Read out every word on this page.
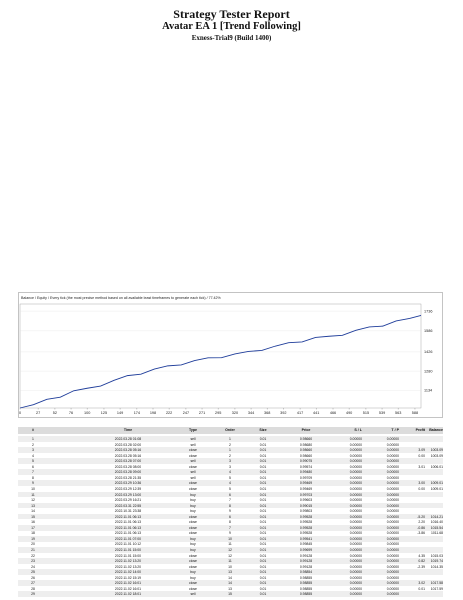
Strategy Tester Report
Avatar EA 1 [Trend Following]
Exness-Trial9 (Build 1400)
Balance / Equity / Every tick (the most precise method based on all available least timeframes to generate each tick) / 77.42%
1134
1280
1426
1586
1736
0	27	52	76	100	125	149	174	198	222	247	271	295	320	344	368	392	417	441	466	490	515	539	563	588
#	Time	Type	Order	Size	Price	S / L	T / P	Profit	Balance
1	2022.03.28 01:08	sell	1	0.01	0.98660	0.00000	0.00000
2	2022.03.28 02:00	sell	2	0.01	0.98680	0.00000	0.00000
3	2022.03.28 05:16	close	1	0.01	0.98660	0.00000	0.00000	3.09	1003.09
4	2022.03.28 05:16	close	2	0.01	0.98660	0.00000	0.00000	0.00	1003.09
5	2022.03.28 07:00	sell	3	0.01	0.99075	0.00000	0.00000
6	2022.03.28 08:00	close	3	0.01	0.99574	0.00000	0.00000	3.01	1006.01
7	2022.03.28 09:00	sell	4	0.01	0.99480	0.00000	0.00000
8	2022.03.28 21:35	sell	5	0.01	0.99709	0.00000	0.00000
9	2022.03.29 10:36	close	4	0.01	0.99469	0.00000	0.00000	3.00	1009.01
10	2022.03.29 12:39	close	5	0.01	0.99469	0.00000	0.00000	0.00	1009.01
11	2022.03.29 13:00	buy	6	0.01	0.99703	0.00000	0.00000
12	2022.03.29 16:21	buy	7	0.01	0.99603	0.00000	0.00000
13	2022.03.31 22:55	buy	8	0.01	0.99015	0.00000	0.00000
14	2022.10.31 23:38	buy	9	0.01	0.99803	0.00000	0.00000
15	2022.11.01 06:13	close	6	0.01	0.99528	0.00000	0.00000	-5.20	1014.21
16	2022.11.01 06:13	close	8	0.01	0.99528	0.00000	0.00000	2.20	1016.40
17	2022.11.01 06:13	close	7	0.01	0.99528	0.00000	0.00000	-0.86	1015.54
18	2022.11.01 06:13	close	9	0.01	0.99528	0.00000	0.00000	-3.86	1011.68
19	2022.11.01 07:00	buy	10	0.01	0.99541	0.00000	0.00000
20	2022.11.01 10:12	buy	11	0.01	0.99845	0.00000	0.00000
21	2022.11.01 15:00	buy	12	0.01	0.99699	0.00000	0.00000
22	2022.11.01 15:00	close	12	0.01	0.99128	0.00000	0.00000	4.35	1015.03
23	2022.11.02 13:20	close	11	0.01	0.99128	0.00000	0.00000	0.82	1019.74
24	2022.11.02 13:20	close	10	0.01	0.99128	0.00000	0.00000	-2.39	1014.35
25	2022.11.02 14:00	buy	13	0.01	0.98854	0.00000	0.00000
26	2022.11.02 15:19	buy	14	0.01	0.98855	0.00000	0.00000
27	2022.11.02 16:01	close	14	0.01	0.98855	0.00000	0.00000	3.02	1017.58
28	2022.11.02 16:01	close	13	0.01	0.98855	0.00000	0.00000	0.01	1017.59
29	2022.11.02 18:01	sell	15	0.01	0.98855	0.00000	0.00000
